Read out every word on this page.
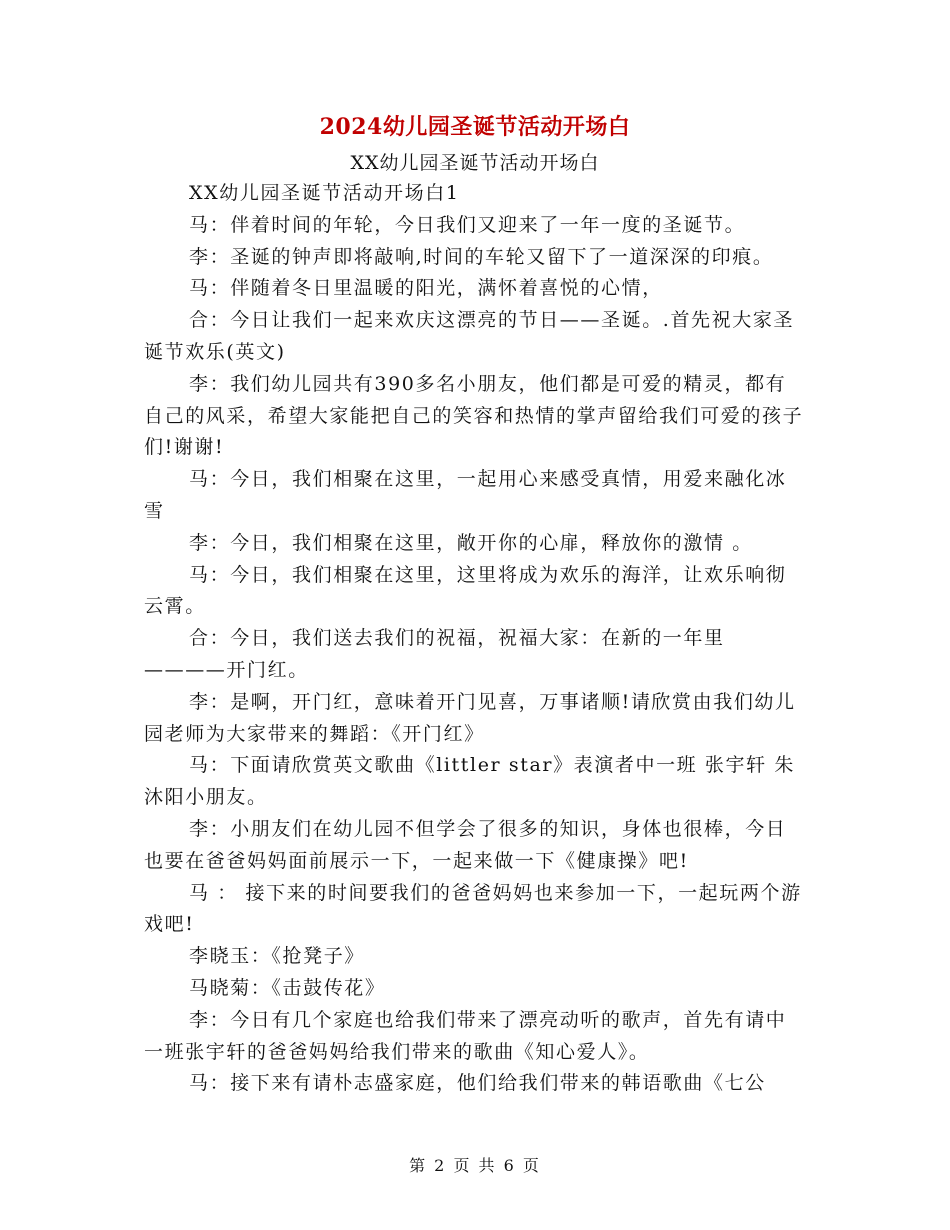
2024幼儿园圣诞节活动开场白
XX幼儿园圣诞节活动开场白

XX幼儿园圣诞节活动开场白1

马：伴着时间的年轮，今日我们又迎来了一年一度的圣诞节。

李：圣诞的钟声即将敲响,时间的车轮又留下了一道深深的印痕。

马：伴随着冬日里温暖的阳光，满怀着喜悦的心情，

合：今日让我们一起来欢庆这漂亮的节日——圣诞。.首先祝大家圣诞节欢乐(英文)

李：我们幼儿园共有390多名小朋友，他们都是可爱的精灵，都有自己的风采，希望大家能把自己的笑容和热情的掌声留给我们可爱的孩子们!谢谢!

马：今日，我们相聚在这里，一起用心来感受真情，用爱来融化冰雪

李：今日，我们相聚在这里，敞开你的心扉，释放你的激情 。

马：今日，我们相聚在这里，这里将成为欢乐的海洋，让欢乐响彻云霄。

合：今日，我们送去我们的祝福，祝福大家：在新的一年里————开门红。

李：是啊，开门红，意味着开门见喜，万事诸顺!请欣赏由我们幼儿园老师为大家带来的舞蹈：《开门红》

马：下面请欣赏英文歌曲《littler star》表演者中一班 张宇轩 朱沐阳小朋友。

李：小朋友们在幼儿园不但学会了很多的知识，身体也很棒，今日也要在爸爸妈妈面前展示一下，一起来做一下《健康操》吧!

马 ： 接下来的时间要我们的爸爸妈妈也来参加一下，一起玩两个游戏吧!

李晓玉：《抢凳子》

马晓菊：《击鼓传花》

李：今日有几个家庭也给我们带来了漂亮动听的歌声，首先有请中一班张宇轩的爸爸妈妈给我们带来的歌曲《知心爱人》。

马：接下来有请朴志盛家庭，他们给我们带来的韩语歌曲《七公

第 2 页 共 6 页
